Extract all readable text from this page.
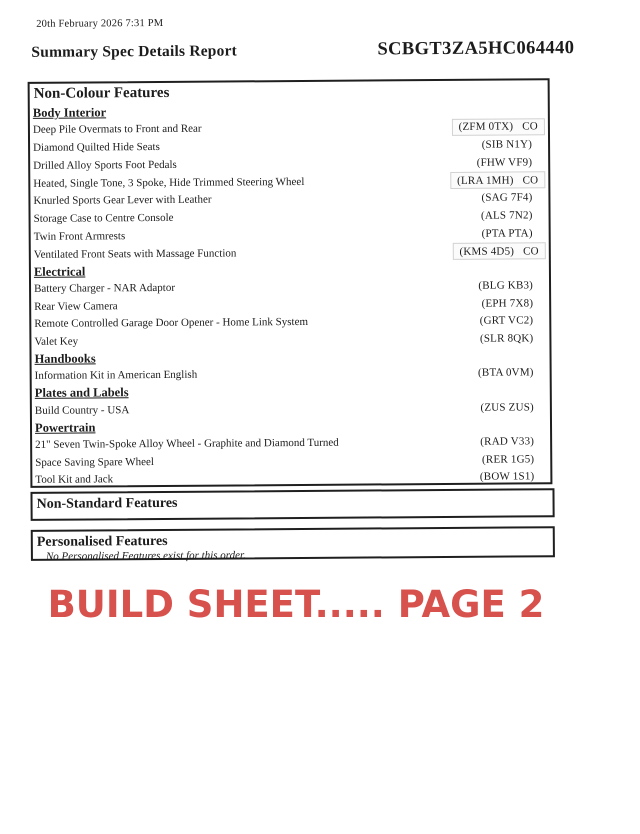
20th February 2026 7:31 PM
Summary Spec Details Report	SCBGT3ZA5HC064440
Non-Colour Features
Body Interior
Deep Pile Overmats to Front and Rear	(ZFM 0TX) CO
Diamond Quilted Hide Seats	(SIB N1Y)
Drilled Alloy Sports Foot Pedals	(FHW VF9)
Heated, Single Tone, 3 Spoke, Hide Trimmed Steering Wheel	(LRA 1MH) CO
Knurled Sports Gear Lever with Leather	(SAG 7F4)
Storage Case to Centre Console	(ALS 7N2)
Twin Front Armrests	(PTA PTA)
Ventilated Front Seats with Massage Function	(KMS 4D5) CO
Electrical
Battery Charger - NAR Adaptor	(BLG KB3)
Rear View Camera	(EPH 7X8)
Remote Controlled Garage Door Opener - Home Link System	(GRT VC2)
Valet Key	(SLR 8QK)
Handbooks
Information Kit in American English	(BTA 0VM)
Plates and Labels
Build Country - USA	(ZUS ZUS)
Powertrain
21" Seven Twin-Spoke Alloy Wheel - Graphite and Diamond Turned	(RAD V33)
Space Saving Spare Wheel	(RER 1G5)
Tool Kit and Jack	(BOW 1S1)
Non-Standard Features
Personalised Features
No Personalised Features exist for this order.
BUILD SHEET..... PAGE 2
